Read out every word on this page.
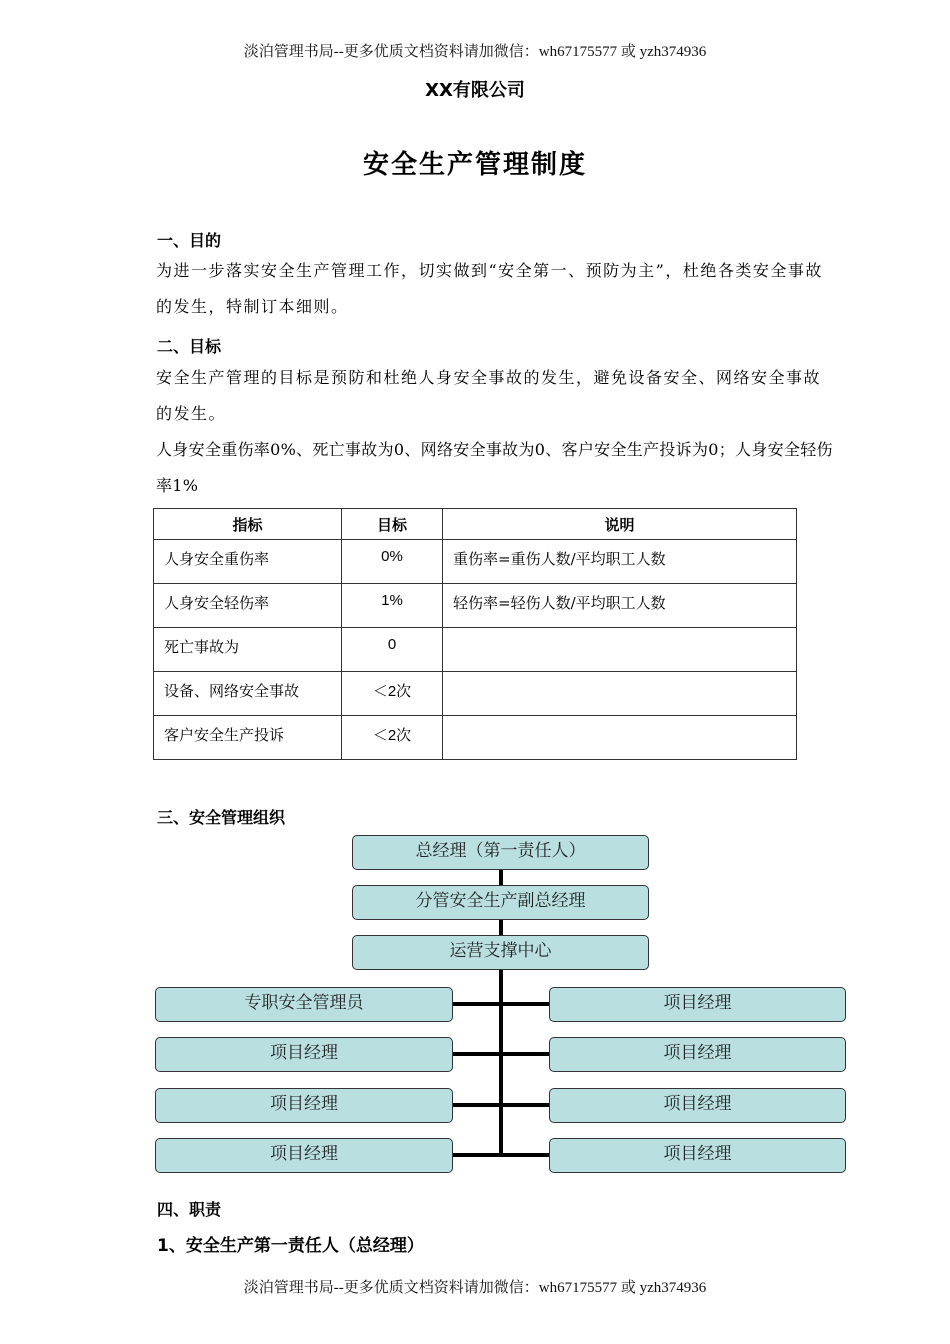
淡泊管理书局--更多优质文档资料请加微信：wh67175577 或 yzh374936
XX有限公司
安全生产管理制度
一、目的
为进一步落实安全生产管理工作，切实做到“安全第一、预防为主”，杜绝各类安全事故的发生，特制订本细则。
二、目标
安全生产管理的目标是预防和杜绝人身安全事故的发生，避免设备安全、网络安全事故的发生。
人身安全重伤率0%、死亡事故为0、网络安全事故为0、客户安全生产投诉为0；人身安全轻伤率1%
指标	目标	说明
人身安全重伤率	0%	重伤率=重伤人数/平均职工人数
人身安全轻伤率	1%	轻伤率=轻伤人数/平均职工人数
死亡事故为	0	
设备、网络安全事故	＜2次	
客户安全生产投诉	＜2次	
三、安全管理组织
总经理（第一责任人）
分管安全生产副总经理
运营支撑中心
专职安全管理员
项目经理
项目经理
项目经理
项目经理
项目经理
项目经理
项目经理
四、职责
1、安全生产第一责任人（总经理）
淡泊管理书局--更多优质文档资料请加微信：wh67175577 或 yzh374936
